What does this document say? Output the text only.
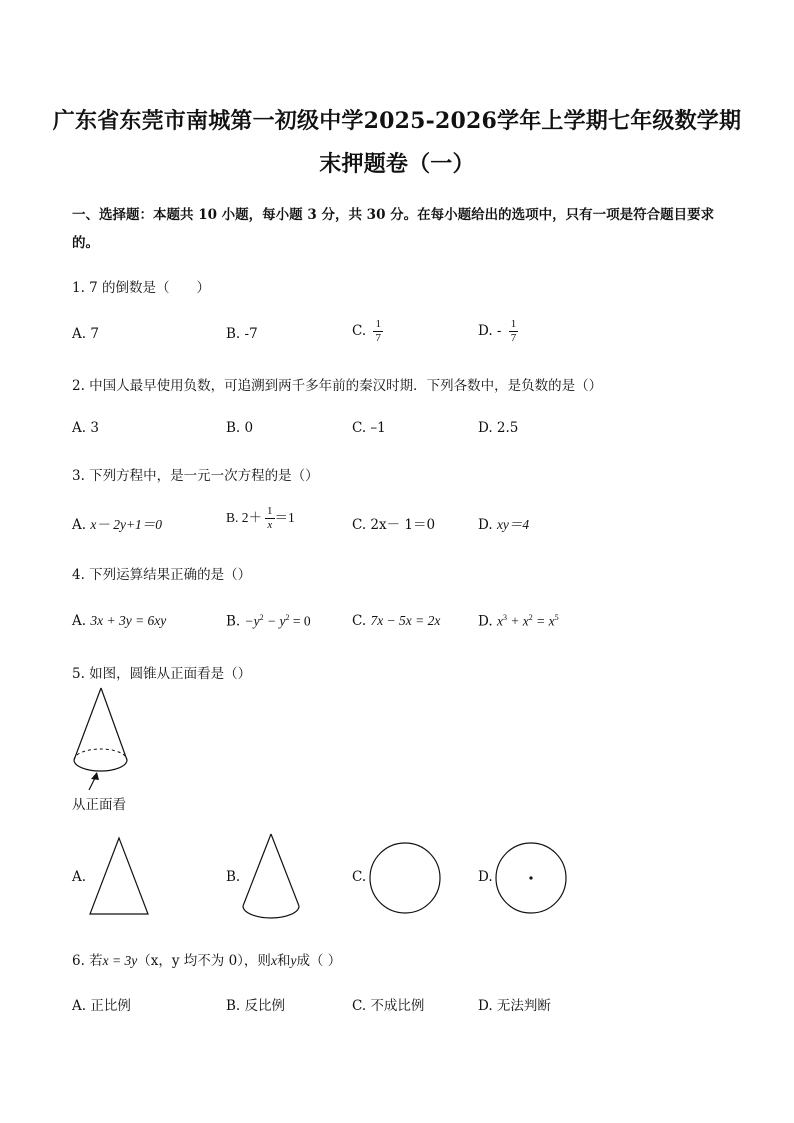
广东省东莞市南城第一初级中学2025-2026学年上学期七年级数学期
末押题卷（一）
一、选择题：本题共 10 小题，每小题 3 分，共 30 分。在每小题给出的选项中，只有一项是符合题目要求
的。
1. 7 的倒数是（　　）
A. 7	B. -7	C. $\frac{1}{7}$	D. - $\frac{1}{7}$
2. 中国人最早使用负数，可追溯到两千多年前的秦汉时期．下列各数中，是负数的是（）
A. 3	B. 0	C. –1	D. 2.5
3. 下列方程中，是一元一次方程的是（）
A. x－ 2y+1＝0	B. $2+ \frac{1}{x} =1$	C. 2x－ 1＝0	D. xy＝4
4. 下列运算结果正确的是（）
A. 3x + 3y = 6xy	B. $-y^2 - y^2 = 0$	C. 7x − 5x = 2x	D. $x^3 + x^2 = x^5$
5. 如图，圆锥从正面看是（）
从正面看
A.	B.	C.	D.
6. 若x = 3y（x，y 均不为 0），则x和y成（ ）
A. 正比例	B. 反比例	C. 不成比例	D. 无法判断
